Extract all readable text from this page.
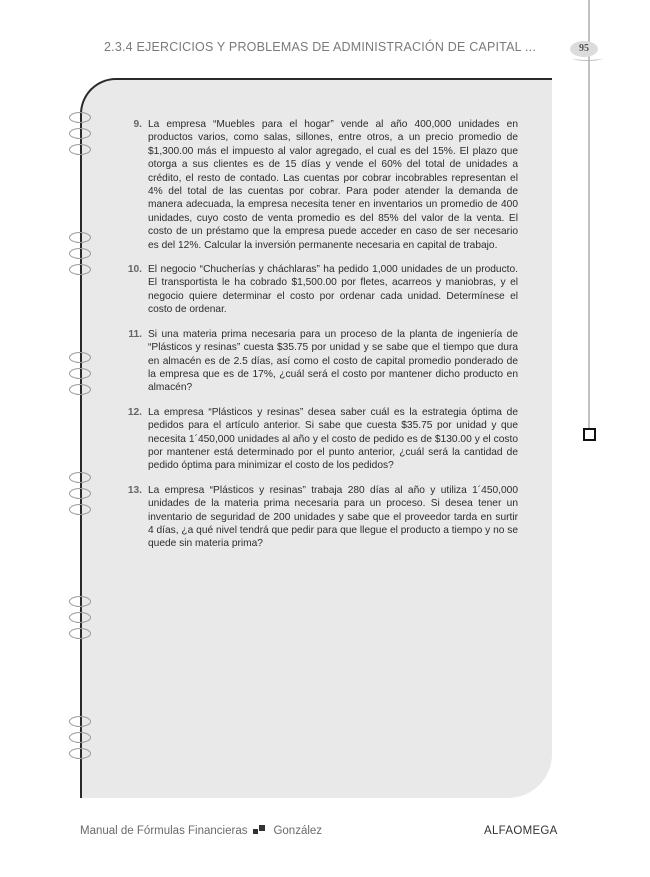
2.3.4 EJERCICIOS Y PROBLEMAS DE ADMINISTRACIÓN DE CAPITAL ...	95
9. La empresa “Muebles para el hogar” vende al año 400,000 unidades en productos varios, como salas, sillones, entre otros, a un precio promedio de $1,300.00 más el impuesto al valor agregado, el cual es del 15%. El plazo que otorga a sus clientes es de 15 días y vende el 60% del total de unidades a crédito, el resto de contado. Las cuentas por cobrar incobrables representan el 4% del total de las cuentas por cobrar. Para poder atender la demanda de manera adecuada, la empresa necesita tener en inventarios un promedio de 400 unidades, cuyo costo de venta promedio es del 85% del valor de la venta. El costo de un préstamo que la empresa puede acceder en caso de ser necesario es del 12%. Calcular la inversión permanente necesaria en capital de trabajo.
10. El negocio “Chucherías y cháchlaras” ha pedido 1,000 unidades de un producto. El transportista le ha cobrado $1,500.00 por fletes, acarreos y maniobras, y el negocio quiere determinar el costo por ordenar cada unidad. Determínese el costo de ordenar.
11. Si una materia prima necesaria para un proceso de la planta de ingeniería de “Plásticos y resinas” cuesta $35.75 por unidad y se sabe que el tiempo que dura en almacén es de 2.5 días, así como el costo de capital promedio ponderado de la empresa que es de 17%, ¿cuál será el costo por mantener dicho producto en almacén?
12. La empresa “Plásticos y resinas” desea saber cuál es la estrategia óptima de pedidos para el artículo anterior. Si sabe que cuesta $35.75 por unidad y que necesita 1´450,000 unidades al año y el costo de pedido es de $130.00 y el costo por mantener está determinado por el punto anterior, ¿cuál será la cantidad de pedido óptima para minimizar el costo de los pedidos?
13. La empresa “Plásticos y resinas” trabaja 280 días al año y utiliza 1´450,000 unidades de la materia prima necesaria para un proceso. Si desea tener un inventario de seguridad de 200 unidades y sabe que el proveedor tarda en surtir 4 días, ¿a qué nivel tendrá que pedir para que llegue el producto a tiempo y no se quede sin materia prima?
Manual de Fórmulas Financieras González	ALFAOMEGA
